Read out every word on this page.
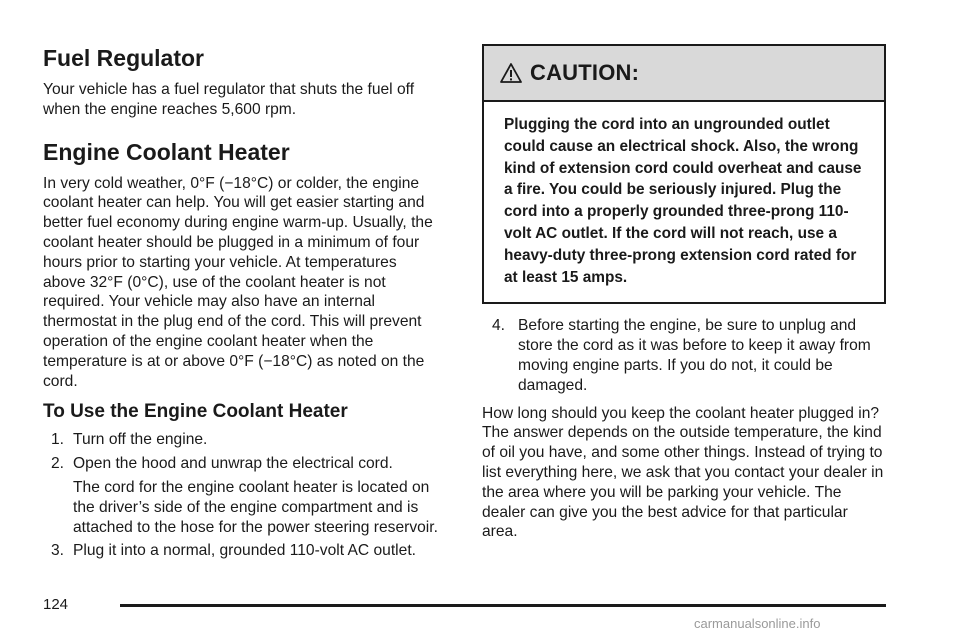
Fuel Regulator

Your vehicle has a fuel regulator that shuts the fuel off when the engine reaches 5,600 rpm.

Engine Coolant Heater

In very cold weather, 0°F (−18°C) or colder, the engine coolant heater can help. You will get easier starting and better fuel economy during engine warm-up. Usually, the coolant heater should be plugged in a minimum of four hours prior to starting your vehicle. At temperatures above 32°F (0°C), use of the coolant heater is not required. Your vehicle may also have an internal thermostat in the plug end of the cord. This will prevent operation of the engine coolant heater when the temperature is at or above 0°F (−18°C) as noted on the cord.

To Use the Engine Coolant Heater
1. Turn off the engine.
2. Open the hood and unwrap the electrical cord.
The cord for the engine coolant heater is located on the driver’s side of the engine compartment and is attached to the hose for the power steering reservoir.
3. Plug it into a normal, grounded 110-volt AC outlet.
CAUTION:
Plugging the cord into an ungrounded outlet could cause an electrical shock. Also, the wrong kind of extension cord could overheat and cause a fire. You could be seriously injured. Plug the cord into a properly grounded three-prong 110-volt AC outlet. If the cord will not reach, use a heavy-duty three-prong extension cord rated for at least 15 amps.
4. Before starting the engine, be sure to unplug and store the cord as it was before to keep it away from moving engine parts. If you do not, it could be damaged.

How long should you keep the coolant heater plugged in? The answer depends on the outside temperature, the kind of oil you have, and some other things. Instead of trying to list everything here, we ask that you contact your dealer in the area where you will be parking your vehicle. The dealer can give you the best advice for that particular area.

124
carmanualsonline.info
